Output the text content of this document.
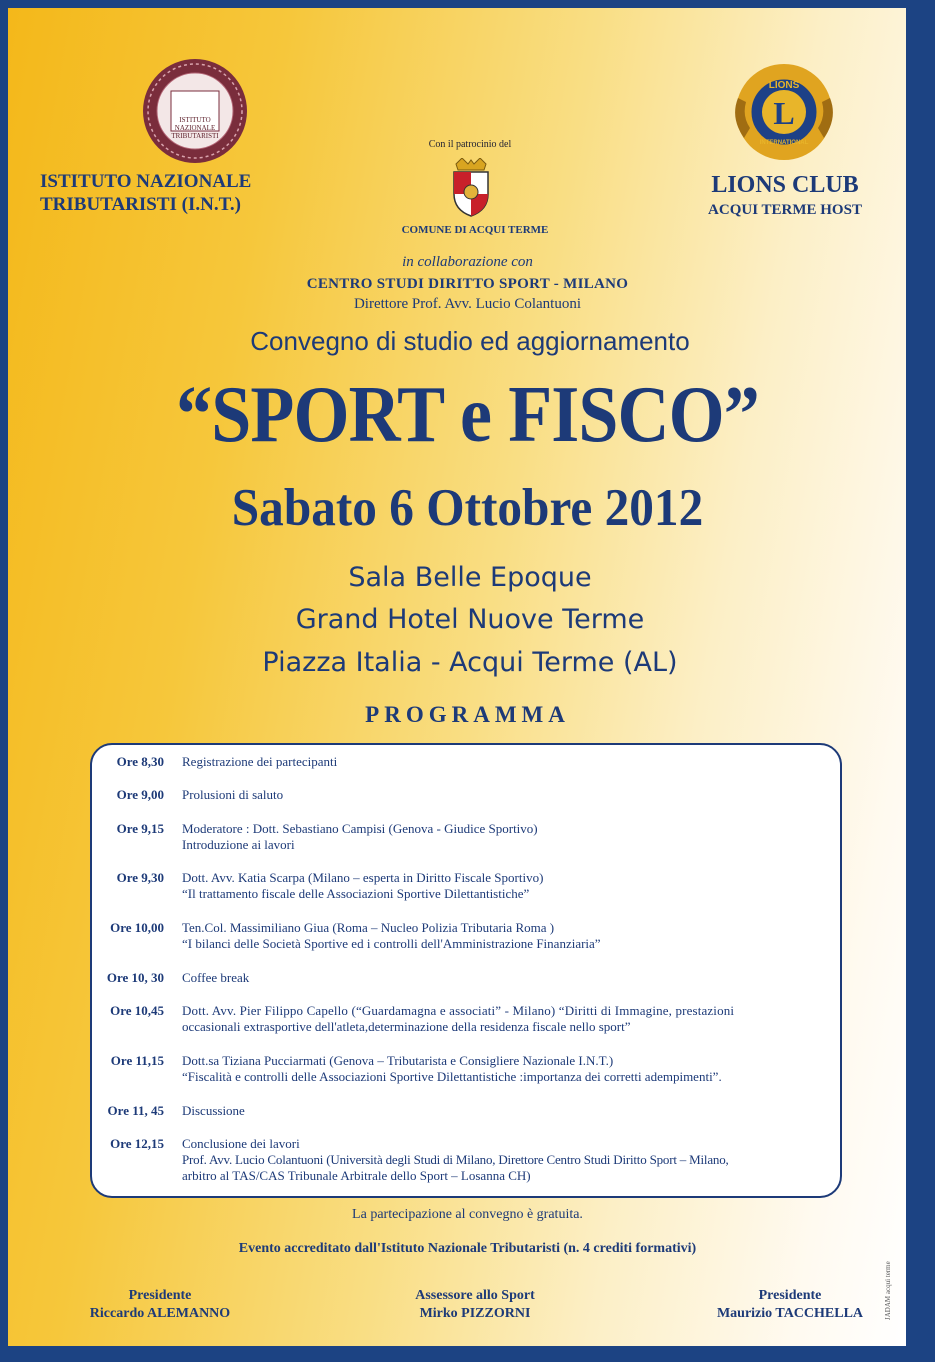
ISTITUTO
NAZIONALE
TRIBUTARISTI
ISTITUTO NAZIONALE
TRIBUTARISTI (I.N.T.)
Con il patrocinio del
COMUNE DI ACQUI TERME
L
LIONS
INTERNATIONAL
LIONS CLUB
ACQUI TERME HOST
in collaborazione con
CENTRO STUDI DIRITTO SPORT - MILANO
Direttore Prof. Avv. Lucio Colantuoni
Convegno di studio ed aggiornamento
“SPORT e FISCO”
Sabato 6 Ottobre 2012
Sala Belle Epoque
Grand Hotel Nuove Terme
Piazza Italia - Acqui Terme (AL)
PROGRAMMA
Ore 8,30 Registrazione dei partecipanti
Ore 9,00 Prolusioni di saluto
Ore 9,15 Moderatore : Dott. Sebastiano Campisi (Genova - Giudice Sportivo)
Introduzione ai lavori
Ore 9,30 Dott. Avv. Katia Scarpa (Milano – esperta in Diritto Fiscale Sportivo)
“Il trattamento fiscale delle Associazioni Sportive Dilettantistiche”
Ore 10,00 Ten.Col. Massimiliano Giua (Roma – Nucleo Polizia Tributaria Roma )
“I bilanci delle Società Sportive ed i controlli dell'Amministrazione Finanziaria”
Ore 10, 30 Coffee break
Ore 10,45 Dott. Avv. Pier Filippo Capello (“Guardamagna e associati” - Milano) “Diritti di Immagine, prestazioni
occasionali extrasportive dell'atleta,determinazione della residenza fiscale nello sport”
Ore 11,15 Dott.sa Tiziana Pucciarmati (Genova – Tributarista e Consigliere Nazionale I.N.T.)
“Fiscalità e controlli delle Associazioni Sportive Dilettantistiche :importanza dei corretti adempimenti”.
Ore 11, 45 Discussione
Ore 12,15 Conclusione dei lavori
Prof. Avv. Lucio Colantuoni (Università degli Studi di Milano, Direttore Centro Studi Diritto Sport – Milano,
arbitro al TAS/CAS Tribunale Arbitrale dello Sport – Losanna CH)
La partecipazione al convegno è gratuita.
Evento accreditato dall'Istituto Nazionale Tributaristi (n. 4 crediti formativi)
Presidente
Riccardo ALEMANNO
Assessore allo Sport
Mirko PIZZORNI
Presidente
Maurizio TACCHELLA	JADAM acqui terme
